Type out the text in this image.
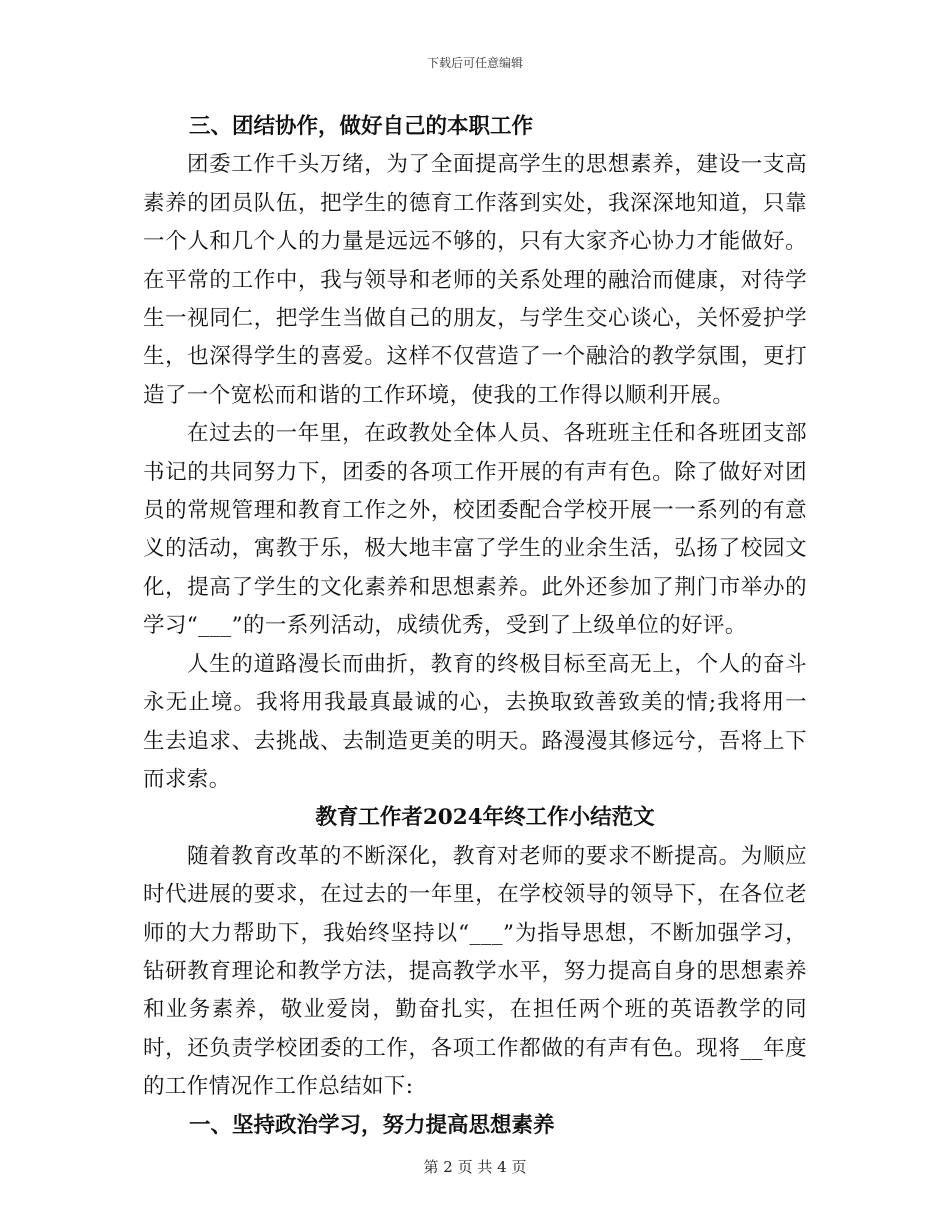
下载后可任意编辑

三、团结协作，做好自己的本职工作

团委工作千头万绪，为了全面提高学生的思想素养，建设一支高素养的团员队伍，把学生的德育工作落到实处，我深深地知道，只靠一个人和几个人的力量是远远不够的，只有大家齐心协力才能做好。在平常的工作中，我与领导和老师的关系处理的融洽而健康，对待学生一视同仁，把学生当做自己的朋友，与学生交心谈心，关怀爱护学生，也深得学生的喜爱。这样不仅营造了一个融洽的教学氛围，更打造了一个宽松而和谐的工作环境，使我的工作得以顺利开展。

在过去的一年里，在政教处全体人员、各班班主任和各班团支部书记的共同努力下，团委的各项工作开展的有声有色。除了做好对团员的常规管理和教育工作之外，校团委配合学校开展一一系列的有意义的活动，寓教于乐，极大地丰富了学生的业余生活，弘扬了校园文化，提高了学生的文化素养和思想素养。此外还参加了荆门市举办的学习“___”的一系列活动，成绩优秀，受到了上级单位的好评。

人生的道路漫长而曲折，教育的终极目标至高无上，个人的奋斗永无止境。我将用我最真最诚的心，去换取致善致美的情;我将用一生去追求、去挑战、去制造更美的明天。路漫漫其修远兮，吾将上下而求索。

教育工作者2024年终工作小结范文

随着教育改革的不断深化，教育对老师的要求不断提高。为顺应时代进展的要求，在过去的一年里，在学校领导的领导下，在各位老师的大力帮助下，我始终坚持以“___”为指导思想，不断加强学习，钻研教育理论和教学方法，提高教学水平，努力提高自身的思想素养和业务素养，敬业爱岗，勤奋扎实，在担任两个班的英语教学的同时，还负责学校团委的工作，各项工作都做的有声有色。现将__年度的工作情况作工作总结如下:

一、坚持政治学习，努力提高思想素养

第 2 页 共 4 页
